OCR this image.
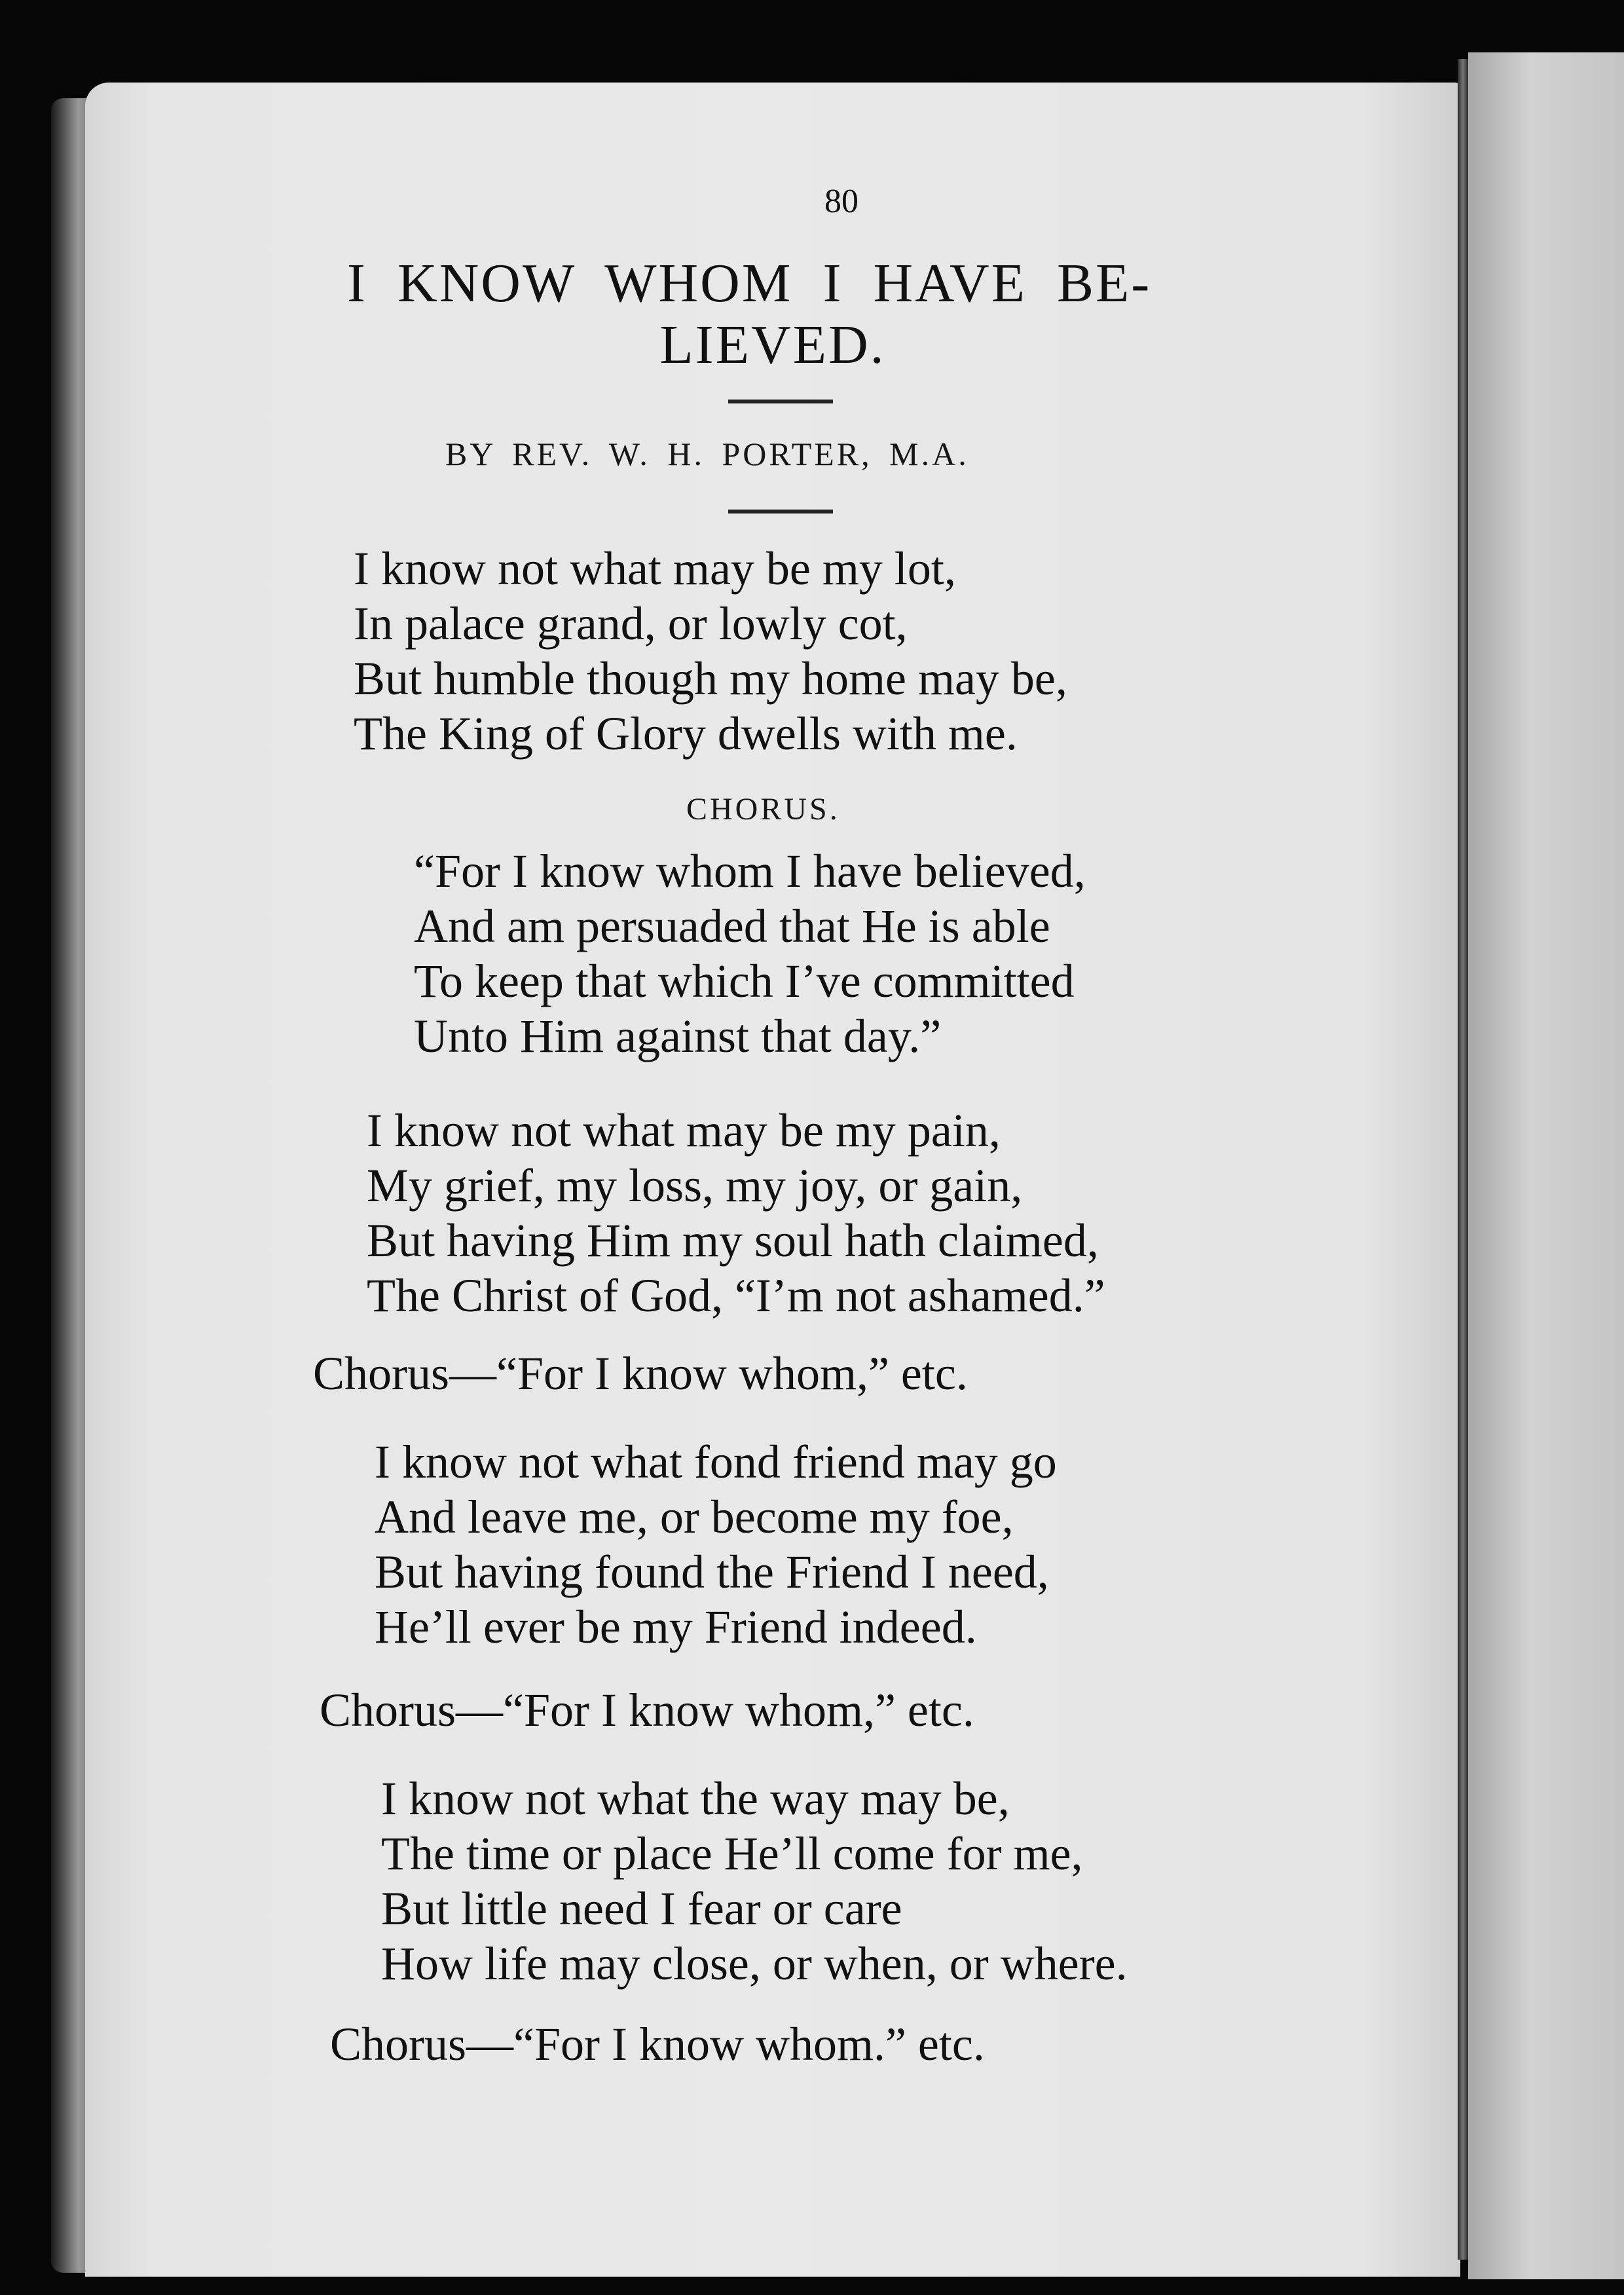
80
I KNOW WHOM I HAVE BE-
LIEVED.
BY REV. W. H. PORTER, M.A.

I know not what may be my lot,
In palace grand, or lowly cot,
But humble though my home may be,
The King of Glory dwells with me.

CHORUS.

“For I know whom I have believed,
And am persuaded that He is able
To keep that which I’ve committed
Unto Him against that day.”

I know not what may be my pain,
My grief, my loss, my joy, or gain,
But having Him my soul hath claimed,
The Christ of God, “I’m not ashamed.”

Chorus—“For I know whom,” etc.

I know not what fond friend may go
And leave me, or become my foe,
But having found the Friend I need,
He’ll ever be my Friend indeed.

Chorus—“For I know whom,” etc.

I know not what the way may be,
The time or place He’ll come for me,
But little need I fear or care
How life may close, or when, or where.

Chorus—“For I know whom.” etc.
